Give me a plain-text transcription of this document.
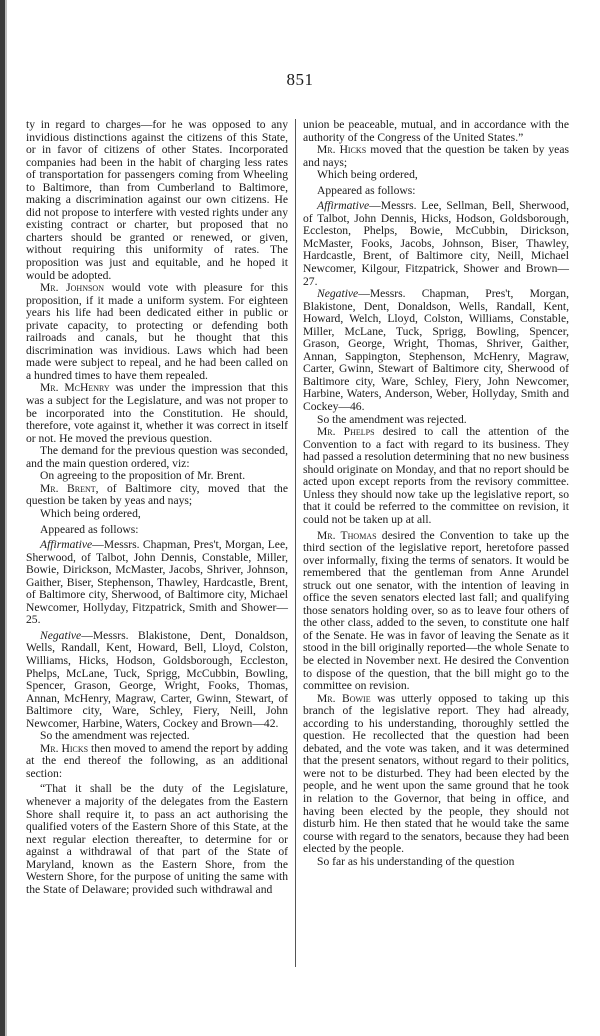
851

ty in regard to charges—for he was opposed to any invidious distinctions against the citizens of this State, or in favor of citizens of other States. Incorporated companies had been in the habit of charging less rates of transportation for passengers coming from Wheeling to Baltimore, than from Cumberland to Baltimore, making a discrimination against our own citizens. He did not propose to interfere with vested rights under any existing contract or charter, but proposed that no charters should be granted or renewed, or given, without requiring this uniformity of rates. The proposition was just and equitable, and he hoped it would be adopted.

Mr. Johnson would vote with pleasure for this proposition, if it made a uniform system. For eighteen years his life had been dedicated either in public or private capacity, to protecting or defending both railroads and canals, but he thought that this discrimination was invidious. Laws which had been made were subject to repeal, and he had been called on a hundred times to have them repealed.

Mr. McHenry was under the impression that this was a subject for the Legislature, and was not proper to be incorporated into the Constitution. He should, therefore, vote against it, whether it was correct in itself or not. He moved the previous question.

The demand for the previous question was seconded, and the main question ordered, viz:

On agreeing to the proposition of Mr. Brent.

Mr. Brent, of Baltimore city, moved that the question be taken by yeas and nays;

Which being ordered,

Appeared as follows:

Affirmative—Messrs. Chapman, Pres't, Morgan, Lee, Sherwood, of Talbot, John Dennis, Constable, Miller, Bowie, Dirickson, McMaster, Jacobs, Shriver, Johnson, Gaither, Biser, Stephenson, Thawley, Hardcastle, Brent, of Baltimore city, Sherwood, of Baltimore city, Michael Newcomer, Hollyday, Fitzpatrick, Smith and Shower—25.

Negative—Messrs. Blakistone, Dent, Donaldson, Wells, Randall, Kent, Howard, Bell, Lloyd, Colston, Williams, Hicks, Hodson, Goldsborough, Eccleston, Phelps, McLane, Tuck, Sprigg, McCubbin, Bowling, Spencer, Grason, George, Wright, Fooks, Thomas, Annan, McHenry, Magraw, Carter, Gwinn, Stewart, of Baltimore city, Ware, Schley, Fiery, Neill, John Newcomer, Harbine, Waters, Cockey and Brown—42.

So the amendment was rejected.

Mr. Hicks then moved to amend the report by adding at the end thereof the following, as an additional section:

“That it shall be the duty of the Legislature, whenever a majority of the delegates from the Eastern Shore shall require it, to pass an act authorising the qualified voters of the Eastern Shore of this State, at the next regular election thereafter, to determine for or against a withdrawal of that part of the State of Maryland, known as the Eastern Shore, from the Western Shore, for the purpose of uniting the same with the State of Delaware; provided such withdrawal and

union be peaceable, mutual, and in accordance with the authority of the Congress of the United States.”

Mr. Hicks moved that the question be taken by yeas and nays;

Which being ordered,

Appeared as follows:

Affirmative—Messrs. Lee, Sellman, Bell, Sherwood, of Talbot, John Dennis, Hicks, Hodson, Goldsborough, Eccleston, Phelps, Bowie, McCubbin, Dirickson, McMaster, Fooks, Jacobs, Johnson, Biser, Thawley, Hardcastle, Brent, of Baltimore city, Neill, Michael Newcomer, Kilgour, Fitzpatrick, Shower and Brown—27.

Negative—Messrs. Chapman, Pres't, Morgan, Blakistone, Dent, Donaldson, Wells, Randall, Kent, Howard, Welch, Lloyd, Colston, Williams, Constable, Miller, McLane, Tuck, Sprigg, Bowling, Spencer, Grason, George, Wright, Thomas, Shriver, Gaither, Annan, Sappington, Stephenson, McHenry, Magraw, Carter, Gwinn, Stewart of Baltimore city, Sherwood of Baltimore city, Ware, Schley, Fiery, John Newcomer, Harbine, Waters, Anderson, Weber, Hollyday, Smith and Cockey—46.

So the amendment was rejected.

Mr. Phelps desired to call the attention of the Convention to a fact with regard to its business. They had passed a resolution determining that no new business should originate on Monday, and that no report should be acted upon except reports from the revisory committee. Unless they should now take up the legislative report, so that it could be referred to the committee on revision, it could not be taken up at all.

Mr. Thomas desired the Convention to take up the third section of the legislative report, heretofore passed over informally, fixing the terms of senators. It would be remembered that the gentleman from Anne Arundel struck out one senator, with the intention of leaving in office the seven senators elected last fall; and qualifying those senators holding over, so as to leave four others of the other class, added to the seven, to constitute one half of the Senate. He was in favor of leaving the Senate as it stood in the bill originally reported—the whole Senate to be elected in November next. He desired the Convention to dispose of the question, that the bill might go to the committee on revision.

Mr. Bowie was utterly opposed to taking up this branch of the legislative report. They had already, according to his understanding, thoroughly settled the question. He recollected that the question had been debated, and the vote was taken, and it was determined that the present senators, without regard to their politics, were not to be disturbed. They had been elected by the people, and he went upon the same ground that he took in relation to the Governor, that being in office, and having been elected by the people, they should not disturb him. He then stated that he would take the same course with regard to the senators, because they had been elected by the people.

So far as his understanding of the question
